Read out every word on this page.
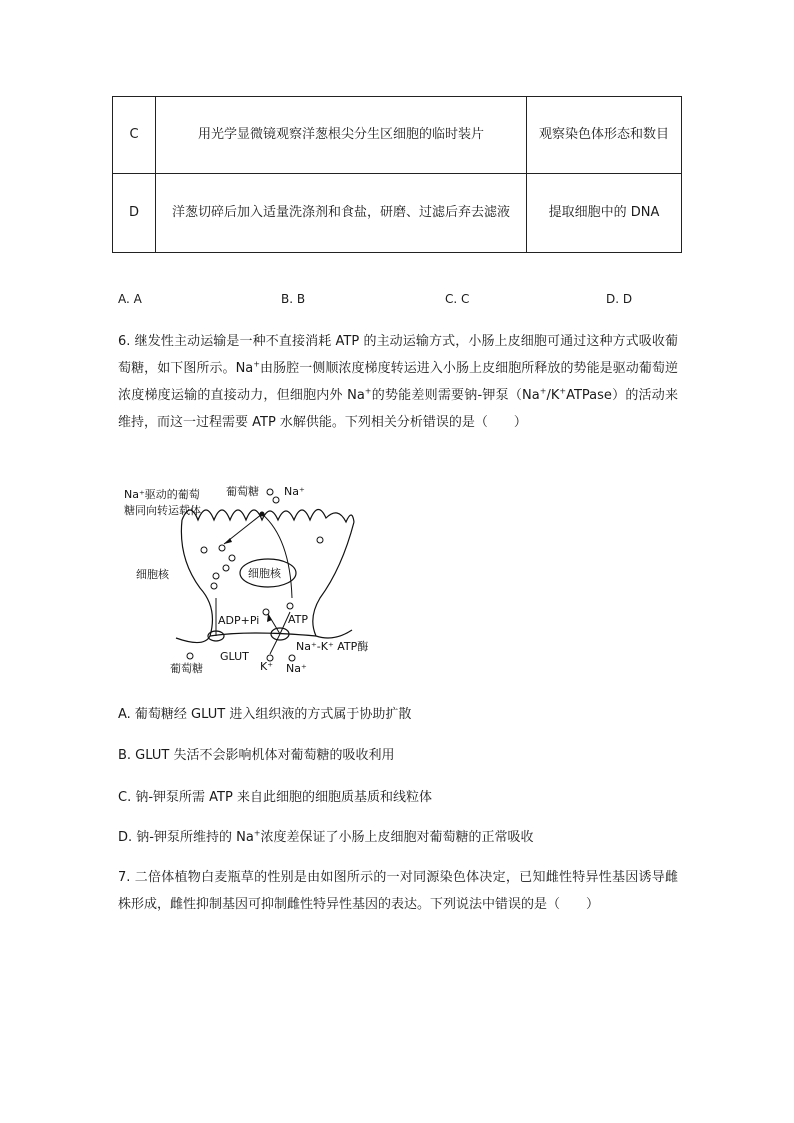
C	用光学显微镜观察洋葱根尖分生区细胞的临时装片	观察染色体形态和数目
D	洋葱切碎后加入适量洗涤剂和食盐，研磨、过滤后弃去滤液	提取细胞中的 DNA
A. A	B. B	C. C	D. D
6. 继发性主动运输是一种不直接消耗 ATP 的主动运输方式，小肠上皮细胞可通过这种方式吸收葡萄糖，如下图所示。Na+由肠腔一侧顺浓度梯度转运进入小肠上皮细胞所释放的势能是驱动葡萄逆浓度梯度运输的直接动力，但细胞内外 Na+的势能差则需要钠-钾泵（Na+/K+ATPase）的活动来维持，而这一过程需要 ATP 水解供能。下列相关分析错误的是（　　）
Na⁺驱动的葡萄
糖同向转运载体
葡萄糖 Na⁺
细胞核	细胞核
ADP+Pi	ATP
GLUT
Na⁺-K⁺ ATP酶
K⁺ Na⁺
葡萄糖
A. 葡萄糖经 GLUT 进入组织液的方式属于协助扩散
B. GLUT 失活不会影响机体对葡萄糖的吸收利用
C. 钠-钾泵所需 ATP 来自此细胞的细胞质基质和线粒体
D. 钠-钾泵所维持的 Na+浓度差保证了小肠上皮细胞对葡萄糖的正常吸收
7. 二倍体植物白麦瓶草的性别是由如图所示的一对同源染色体决定，已知雌性特异性基因诱导雌株形成，雌性抑制基因可抑制雌性特异性基因的表达。下列说法中错误的是（　　）
